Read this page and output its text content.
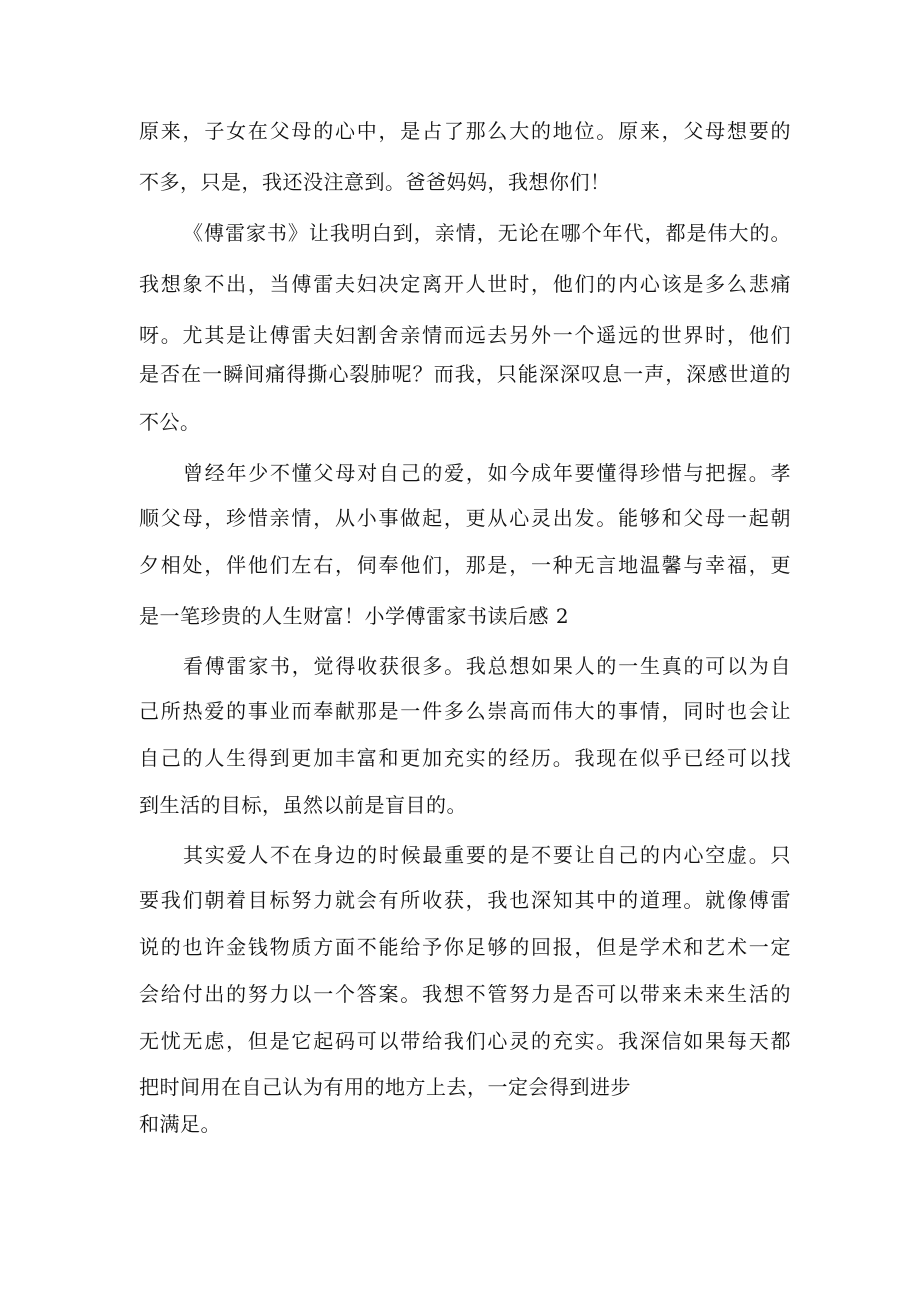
原来，子女在父母的心中，是占了那么大的地位。原来，父母想要的
不多，只是，我还没注意到。爸爸妈妈，我想你们！
《傅雷家书》让我明白到，亲情，无论在哪个年代，都是伟大的。
我想象不出，当傅雷夫妇决定离开人世时，他们的内心该是多么悲痛
呀。尤其是让傅雷夫妇割舍亲情而远去另外一个遥远的世界时，他们
是否在一瞬间痛得撕心裂肺呢？而我，只能深深叹息一声，深感世道的
不公。
曾经年少不懂父母对自己的爱，如今成年要懂得珍惜与把握。孝
顺父母，珍惜亲情，从小事做起，更从心灵出发。能够和父母一起朝
夕相处，伴他们左右，伺奉他们，那是，一种无言地温馨与幸福，更
是一笔珍贵的人生财富！小学傅雷家书读后感 2
看傅雷家书，觉得收获很多。我总想如果人的一生真的可以为自
己所热爱的事业而奉献那是一件多么崇高而伟大的事情，同时也会让
自己的人生得到更加丰富和更加充实的经历。我现在似乎已经可以找
到生活的目标，虽然以前是盲目的。
其实爱人不在身边的时候最重要的是不要让自己的内心空虚。只
要我们朝着目标努力就会有所收获，我也深知其中的道理。就像傅雷
说的也许金钱物质方面不能给予你足够的回报，但是学术和艺术一定
会给付出的努力以一个答案。我想不管努力是否可以带来未来生活的
无忧无虑，但是它起码可以带给我们心灵的充实。我深信如果每天都
把时间用在自己认为有用的地方上去，一定会得到进步
和满足。
